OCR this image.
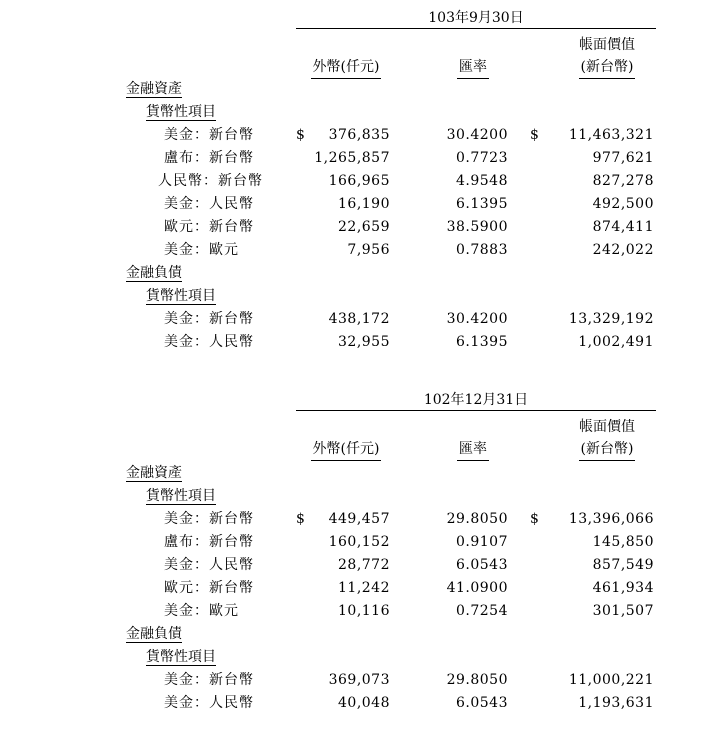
103年9月30日
外幣(仟元)	匯率
帳面價值
(新台幣)
金融資產
貨幣性項目
美金：新台幣	$ 376,835	30.4200 $ 11,463,321
盧布：新台幣	1,265,857	0.7723	977,621
人民幣：新台幣	166,965	4.9548	827,278
美金：人民幣	16,190	6.1395	492,500
歐元：新台幣	22,659	38.5900	874,411
美金：歐元	7,956	0.7883	242,022
金融負債
貨幣性項目
美金：新台幣	438,172	30.4200	13,329,192
美金：人民幣	32,955	6.1395	1,002,491
102年12月31日
外幣(仟元)	匯率
帳面價值
(新台幣)
金融資產
貨幣性項目
美金：新台幣	$ 449,457	29.8050 $ 13,396,066
盧布：新台幣	160,152	0.9107	145,850
美金：人民幣	28,772	6.0543	857,549
歐元：新台幣	11,242	41.0900	461,934
美金：歐元	10,116	0.7254	301,507
金融負債
貨幣性項目
美金：新台幣	369,073	29.8050	11,000,221
美金：人民幣	40,048	6.0543	1,193,631
